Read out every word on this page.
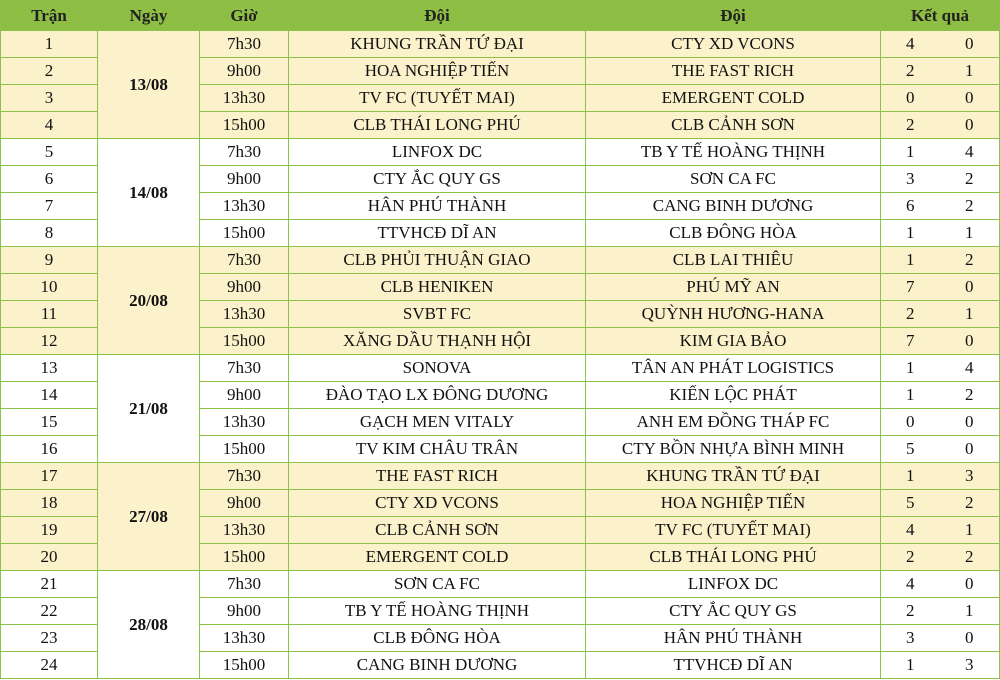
Trận	Ngày	Giờ	Đội	Đội	Kết quả	
1	13/08	7h30	KHUNG TRẦN TỨ ĐẠI	CTY XD VCONS	4	0
2		9h00	HOA NGHIỆP TIẾN	THE FAST RICH	2	1
3		13h30	TV FC (TUYẾT MAI)	EMERGENT COLD	0	0
4		15h00	CLB THÁI LONG PHÚ	CLB CẢNH SƠN	2	0
5	14/08	7h30	LINFOX DC	TB Y TẾ HOÀNG THỊNH	1	4
6		9h00	CTY ẮC QUY GS	SƠN CA FC	3	2
7		13h30	HÂN PHÚ THÀNH	CANG BINH DƯƠNG	6	2
8		15h00	TTVHCĐ DĨ AN	CLB ĐÔNG HÒA	1	1
9	20/08	7h30	CLB PHỦI THUẬN GIAO	CLB LAI THIÊU	1	2
10		9h00	CLB HENIKEN	PHÚ MỸ AN	7	0
11		13h30	SVBT FC	QUỲNH HƯƠNG-HANA	2	1
12		15h00	XĂNG DẦU THẠNH HỘI	KIM GIA BẢO	7	0
13	21/08	7h30	SONOVA	TÂN AN PHÁT LOGISTICS	1	4
14		9h00	ĐÀO TẠO LX ĐÔNG DƯƠNG	KIẾN LỘC PHÁT	1	2
15		13h30	GẠCH MEN VITALY	ANH EM ĐỒNG THÁP FC	0	0
16		15h00	TV KIM CHÂU TRÂN	CTY BỒN NHỰA BÌNH MINH	5	0
17	27/08	7h30	THE FAST RICH	KHUNG TRẦN TỨ ĐẠI	1	3
18		9h00	CTY XD VCONS	HOA NGHIỆP TIẾN	5	2
19		13h30	CLB CẢNH SƠN	TV FC (TUYẾT MAI)	4	1
20		15h00	EMERGENT COLD	CLB THÁI LONG PHÚ	2	2
21	28/08	7h30	SƠN CA FC	LINFOX DC	4	0
22		9h00	TB Y TẾ HOÀNG THỊNH	CTY ẮC QUY GS	2	1
23		13h30	CLB ĐÔNG HÒA	HÂN PHÚ THÀNH	3	0
24		15h00	CANG BINH DƯƠNG	TTVHCĐ DĨ AN	1	3
